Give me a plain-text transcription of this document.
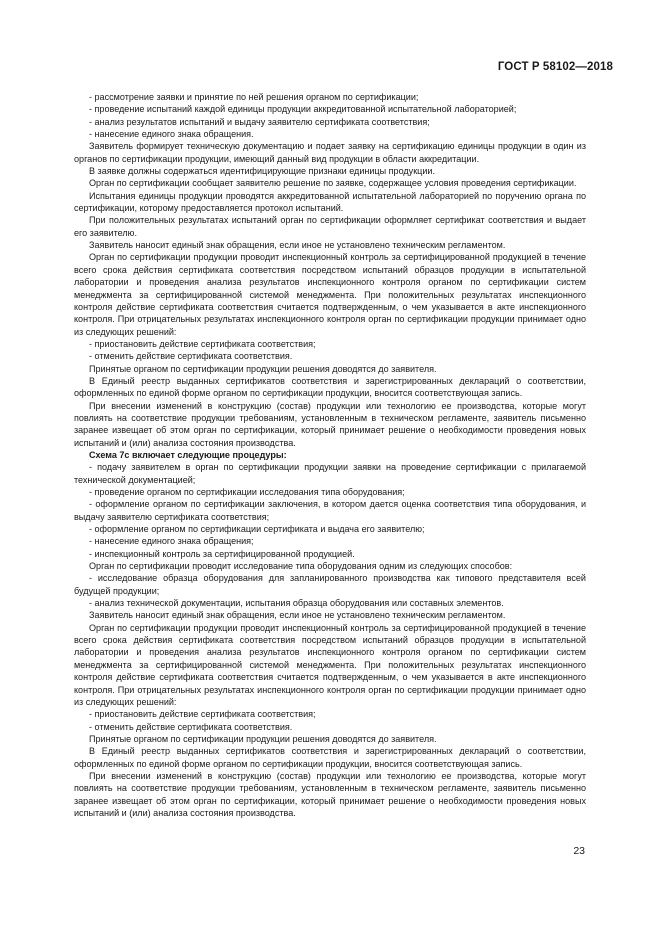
ГОСТ Р 58102—2018

- рассмотрение заявки и принятие по ней решения органом по сертификации;

- проведение испытаний каждой единицы продукции аккредитованной испытательной лабораторией;

- анализ результатов испытаний и выдачу заявителю сертификата соответствия;

- нанесение единого знака обращения.

Заявитель формирует техническую документацию и подает заявку на сертификацию единицы продукции в один из органов по сертификации продукции, имеющий данный вид продукции в области аккредитации.

В заявке должны содержаться идентифицирующие признаки единицы продукции.

Орган по сертификации сообщает заявителю решение по заявке, содержащее условия проведения сертификации.

Испытания единицы продукции проводятся аккредитованной испытательной лабораторией по поручению органа по сертификации, которому предоставляется протокол испытаний.

При положительных результатах испытаний орган по сертификации оформляет сертификат соответствия и выдает его заявителю.

Заявитель наносит единый знак обращения, если иное не установлено техническим регламентом.

Орган по сертификации продукции проводит инспекционный контроль за сертифицированной продукцией в течение всего срока действия сертификата соответствия посредством испытаний образцов продукции в испытательной лаборатории и проведения анализа результатов инспекционного контроля органом по сертификации систем менеджмента за сертифицированной системой менеджмента. При положительных результатах инспекционного контроля действие сертификата соответствия считается подтвержденным, о чем указывается в акте инспекционного контроля. При отрицательных результатах инспекционного контроля орган по сертификации продукции принимает одно из следующих решений:

- приостановить действие сертификата соответствия;

- отменить действие сертификата соответствия.

Принятые органом по сертификации продукции решения доводятся до заявителя.

В Единый реестр выданных сертификатов соответствия и зарегистрированных деклараций о соответствии, оформленных по единой форме органом по сертификации продукции, вносится соответствующая запись.

При внесении изменений в конструкцию (состав) продукции или технологию ее производства, которые могут повлиять на соответствие продукции требованиям, установленным в техническом регламенте, заявитель письменно заранее извещает об этом орган по сертификации, который принимает решение о необходимости проведения новых испытаний и (или) анализа состояния производства.

Схема 7с включает следующие процедуры:

- подачу заявителем в орган по сертификации продукции заявки на проведение сертификации с прилагаемой технической документацией;

- проведение органом по сертификации исследования типа оборудования;

- оформление органом по сертификации заключения, в котором дается оценка соответствия типа оборудования, и выдачу заявителю сертификата соответствия;

- оформление органом по сертификации сертификата и выдача его заявителю;

- нанесение единого знака обращения;

- инспекционный контроль за сертифицированной продукцией.

Орган по сертификации проводит исследование типа оборудования одним из следующих способов:

- исследование образца оборудования для запланированного производства как типового представителя всей будущей продукции;

- анализ технической документации, испытания образца оборудования или составных элементов.

Заявитель наносит единый знак обращения, если иное не установлено техническим регламентом.

Орган по сертификации продукции проводит инспекционный контроль за сертифицированной продукцией в течение всего срока действия сертификата соответствия посредством испытаний образцов продукции в испытательной лаборатории и проведения анализа результатов инспекционного контроля органом по сертификации систем менеджмента за сертифицированной системой менеджмента. При положительных результатах инспекционного контроля действие сертификата соответствия считается подтвержденным, о чем указывается в акте инспекционного контроля. При отрицательных результатах инспекционного контроля орган по сертификации продукции принимает одно из следующих решений:

- приостановить действие сертификата соответствия;

- отменить действие сертификата соответствия.

Принятые органом по сертификации продукции решения доводятся до заявителя.

В Единый реестр выданных сертификатов соответствия и зарегистрированных деклараций о соответствии, оформленных по единой форме органом по сертификации продукции, вносится соответствующая запись.

При внесении изменений в конструкцию (состав) продукции или технологию ее производства, которые могут повлиять на соответствие продукции требованиям, установленным в техническом регламенте, заявитель письменно заранее извещает об этом орган по сертификации, который принимает решение о необходимости проведения новых испытаний и (или) анализа состояния производства.

23
